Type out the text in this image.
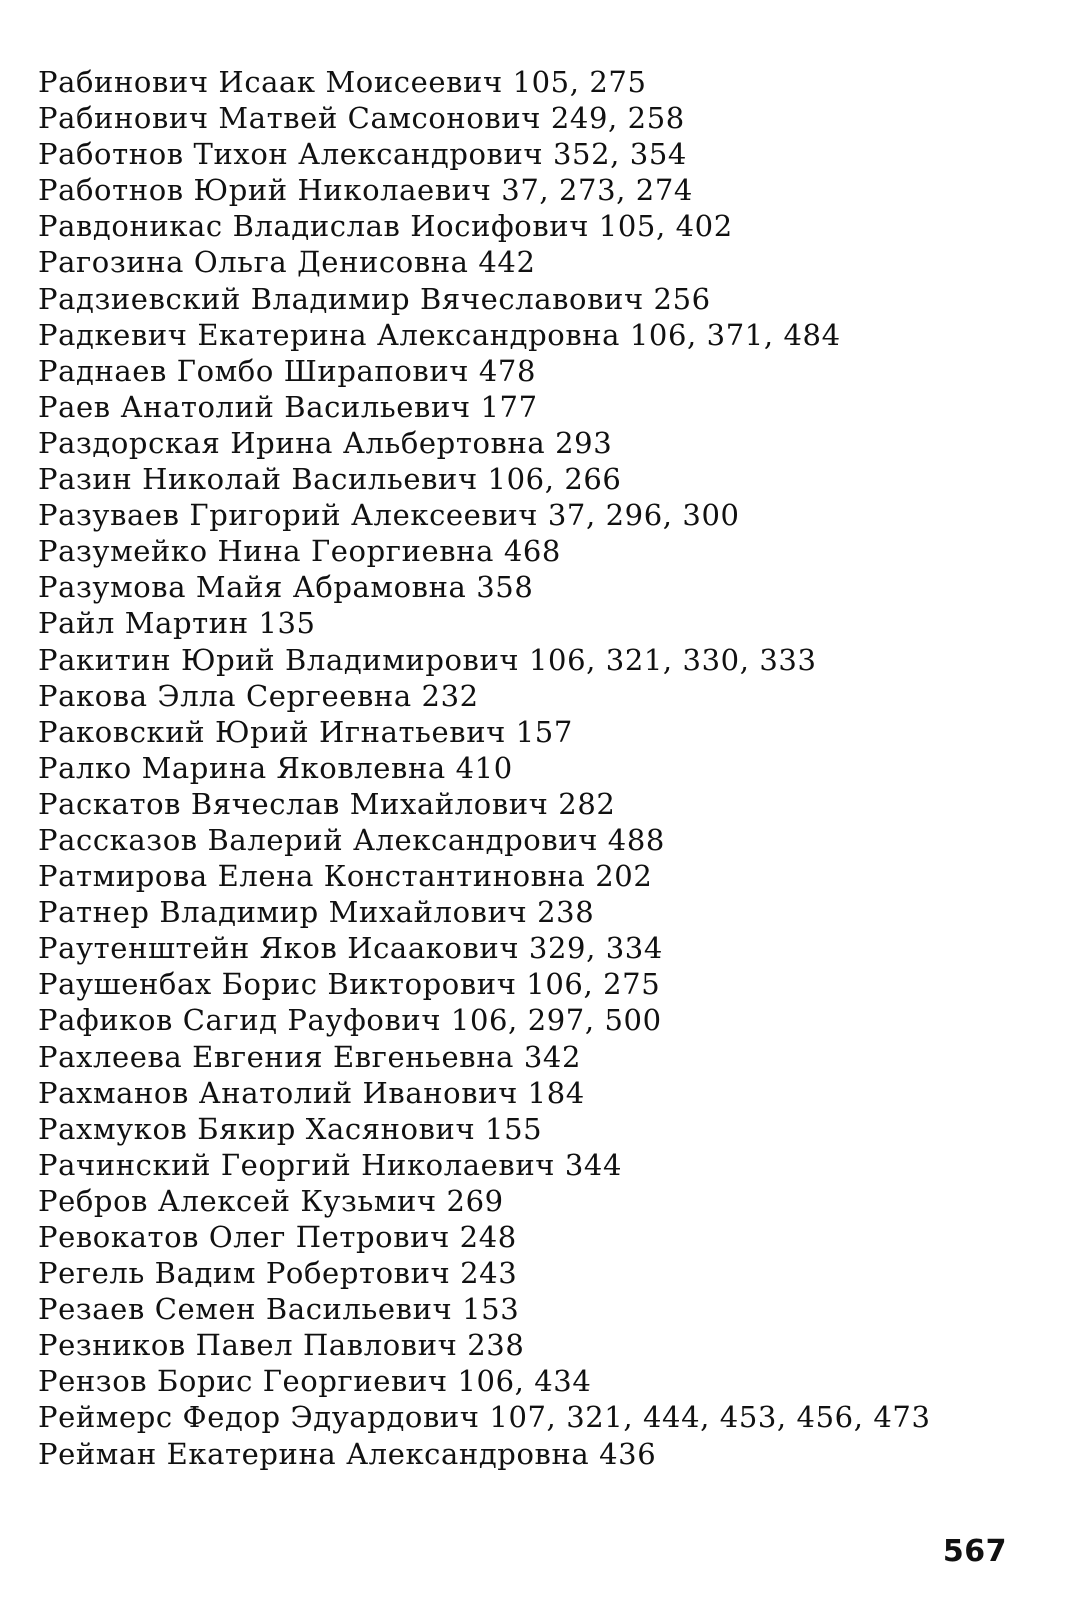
Рабинович Исаак Моисеевич 105, 275
Рабинович Матвей Самсонович 249, 258
Работнов Тихон Александрович 352, 354
Работнов Юрий Николаевич 37, 273, 274
Равдоникас Владислав Иосифович 105, 402
Рагозина Ольга Денисовна 442
Радзиевский Владимир Вячеславович 256
Радкевич Екатерина Александровна 106, 371, 484
Раднаев Гомбо Ширапович 478
Раев Анатолий Васильевич 177
Раздорская Ирина Альбертовна 293
Разин Николай Васильевич 106, 266
Разуваев Григорий Алексеевич 37, 296, 300
Разумейко Нина Георгиевна 468
Разумова Майя Абрамовна 358
Райл Мартин 135
Ракитин Юрий Владимирович 106, 321, 330, 333
Ракова Элла Сергеевна 232
Раковский Юрий Игнатьевич 157
Ралко Марина Яковлевна 410
Раскатов Вячеслав Михайлович 282
Рассказов Валерий Александрович 488
Ратмирова Елена Константиновна 202
Ратнер Владимир Михайлович 238
Раутенштейн Яков Исаакович 329, 334
Раушенбах Борис Викторович 106, 275
Рафиков Сагид Рауфович 106, 297, 500
Рахлеева Евгения Евгеньевна 342
Рахманов Анатолий Иванович 184
Рахмуков Бякир Хасянович 155
Рачинский Георгий Николаевич 344
Ребров Алексей Кузьмич 269
Ревокатов Олег Петрович 248
Регель Вадим Робертович 243
Резаев Семен Васильевич 153
Резников Павел Павлович 238
Рензов Борис Георгиевич 106, 434
Реймерс Федор Эдуардович 107, 321, 444, 453, 456, 473
Рейман Екатерина Александровна 436
567
